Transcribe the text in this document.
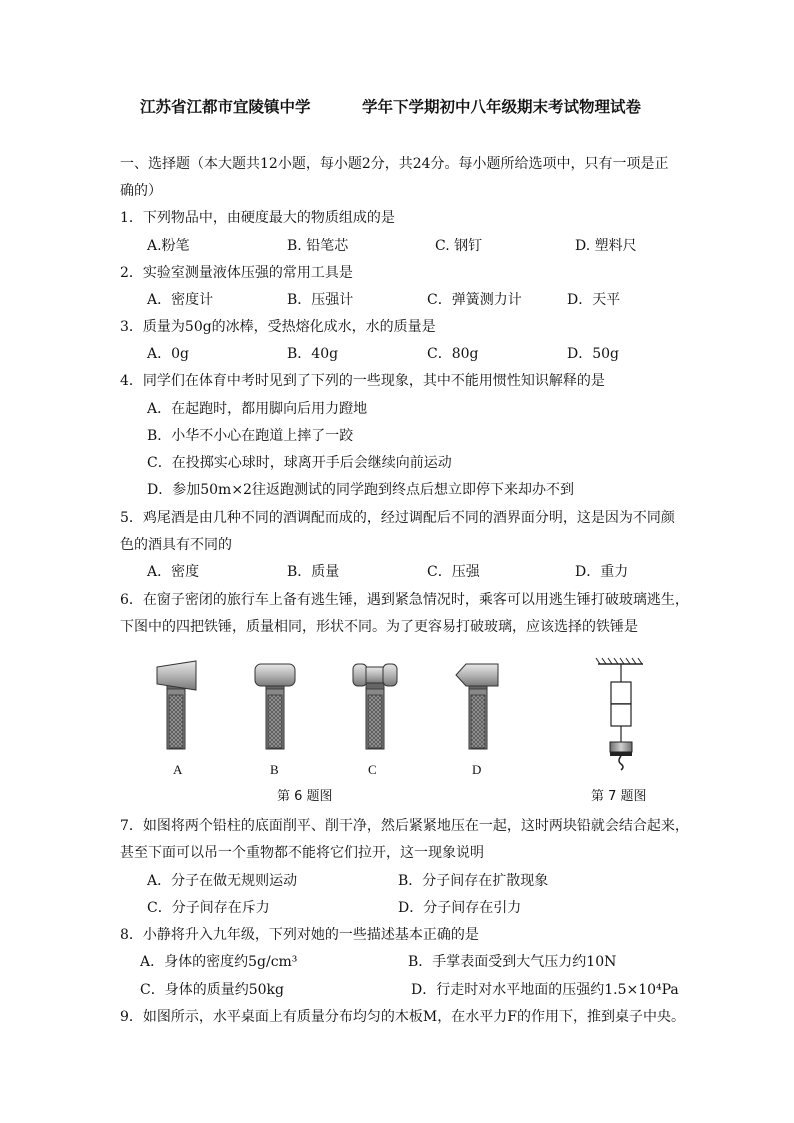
江苏省江都市宜陵镇中学	学年下学期初中八年级期末考试物理试卷
一、选择题（本大题共12小题，每小题2分，共24分。每小题所给选项中，只有一项是正
确的）
1．下列物品中，由硬度最大的物质组成的是
A.粉笔	B. 铅笔芯	C. 钢钉	D. 塑料尺
2．实验室测量液体压强的常用工具是
A．密度计	B．压强计	C．弹簧测力计	D．天平
3．质量为50g的冰棒，受热熔化成水，水的质量是
A．0g	B．40g	C．80g	D．50g
4．同学们在体育中考时见到了下列的一些现象，其中不能用惯性知识解释的是
A．在起跑时，都用脚向后用力蹬地
B．小华不小心在跑道上摔了一跤
C．在投掷实心球时，球离开手后会继续向前运动
D．参加50m×2往返跑测试的同学跑到终点后想立即停下来却办不到
5．鸡尾酒是由几种不同的酒调配而成的，经过调配后不同的酒界面分明，这是因为不同颜
色的酒具有不同的
A．密度	B．质量	C．压强	D．重力
6．在窗子密闭的旅行车上备有逃生锤，遇到紧急情况时，乘客可以用逃生锤打破玻璃逃生，
下图中的四把铁锤，质量相同，形状不同。为了更容易打破玻璃，应该选择的铁锤是
A	B	C	D
第 6 题图	第 7 题图
7．如图将两个铅柱的底面削平、削干净，然后紧紧地压在一起，这时两块铅就会结合起来，
甚至下面可以吊一个重物都不能将它们拉开，这一现象说明
A．分子在做无规则运动	B．分子间存在扩散现象
C．分子间存在斥力	D．分子间存在引力
8．小静将升入九年级，下列对她的一些描述基本正确的是
A．身体的密度约5g/cm³	B．手掌表面受到大气压力约10N
C．身体的质量约50kg	D．行走时对水平地面的压强约1.5×10⁴Pa
9．如图所示，水平桌面上有质量分布均匀的木板M，在水平力F的作用下，推到桌子中央。
